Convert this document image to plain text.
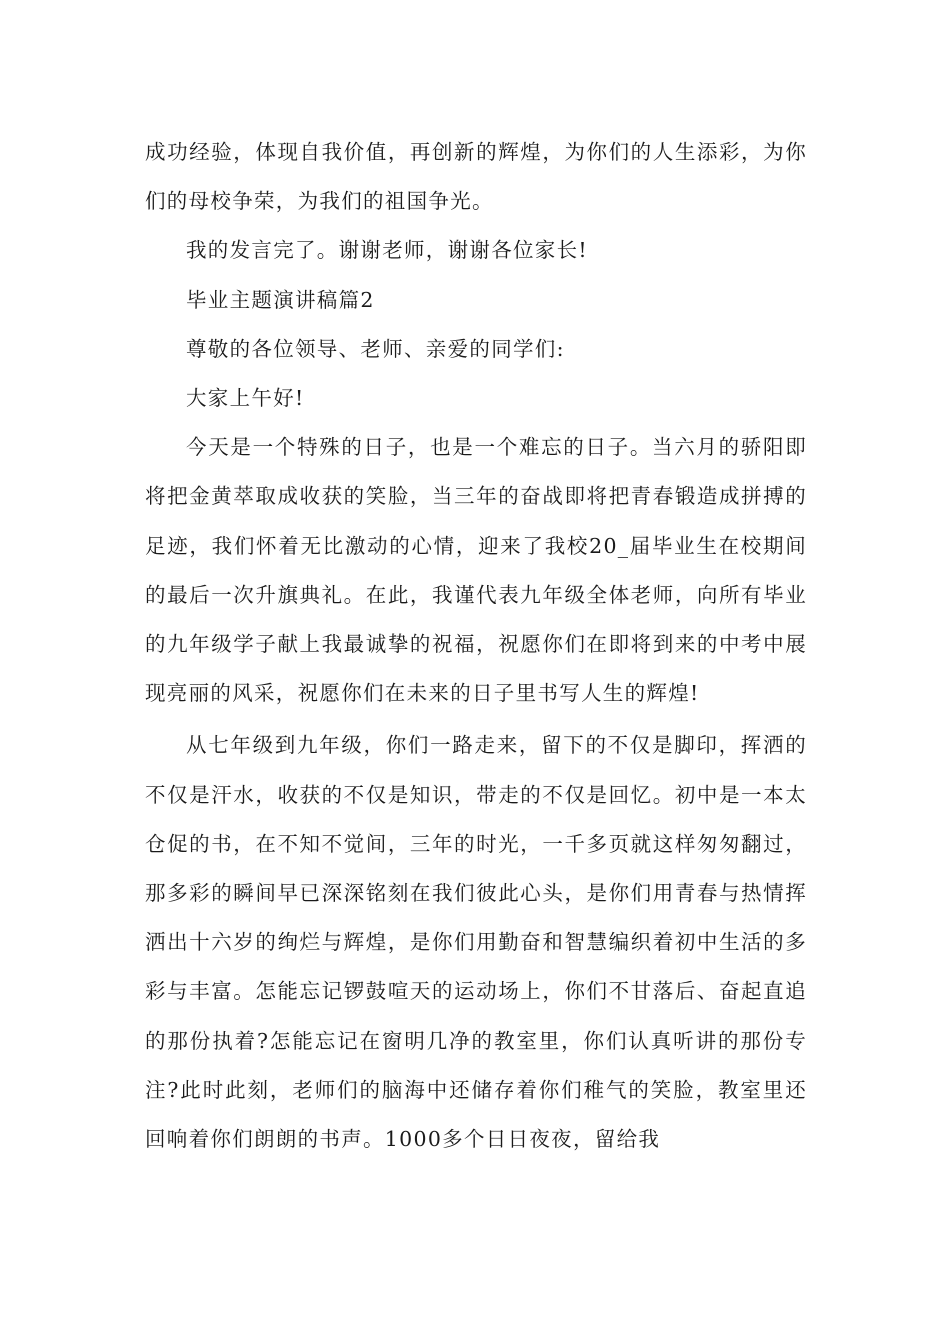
成功经验，体现自我价值，再创新的辉煌，为你们的人生添彩，为你们的母校争荣，为我们的祖国争光。

我的发言完了。谢谢老师，谢谢各位家长!

毕业主题演讲稿篇2

尊敬的各位领导、老师、亲爱的同学们:

大家上午好!

今天是一个特殊的日子，也是一个难忘的日子。当六月的骄阳即将把金黄萃取成收获的笑脸，当三年的奋战即将把青春锻造成拼搏的足迹，我们怀着无比激动的心情，迎来了我校20_届毕业生在校期间的最后一次升旗典礼。在此，我谨代表九年级全体老师，向所有毕业的九年级学子献上我最诚挚的祝福，祝愿你们在即将到来的中考中展现亮丽的风采，祝愿你们在未来的日子里书写人生的辉煌!

从七年级到九年级，你们一路走来，留下的不仅是脚印，挥洒的不仅是汗水，收获的不仅是知识，带走的不仅是回忆。初中是一本太仓促的书，在不知不觉间，三年的时光，一千多页就这样匆匆翻过，那多彩的瞬间早已深深铭刻在我们彼此心头，是你们用青春与热情挥洒出十六岁的绚烂与辉煌，是你们用勤奋和智慧编织着初中生活的多彩与丰富。怎能忘记锣鼓喧天的运动场上，你们不甘落后、奋起直追的那份执着?怎能忘记在窗明几净的教室里，你们认真听讲的那份专注?此时此刻，老师们的脑海中还储存着你们稚气的笑脸，教室里还回响着你们朗朗的书声。1000多个日日夜夜，留给我
